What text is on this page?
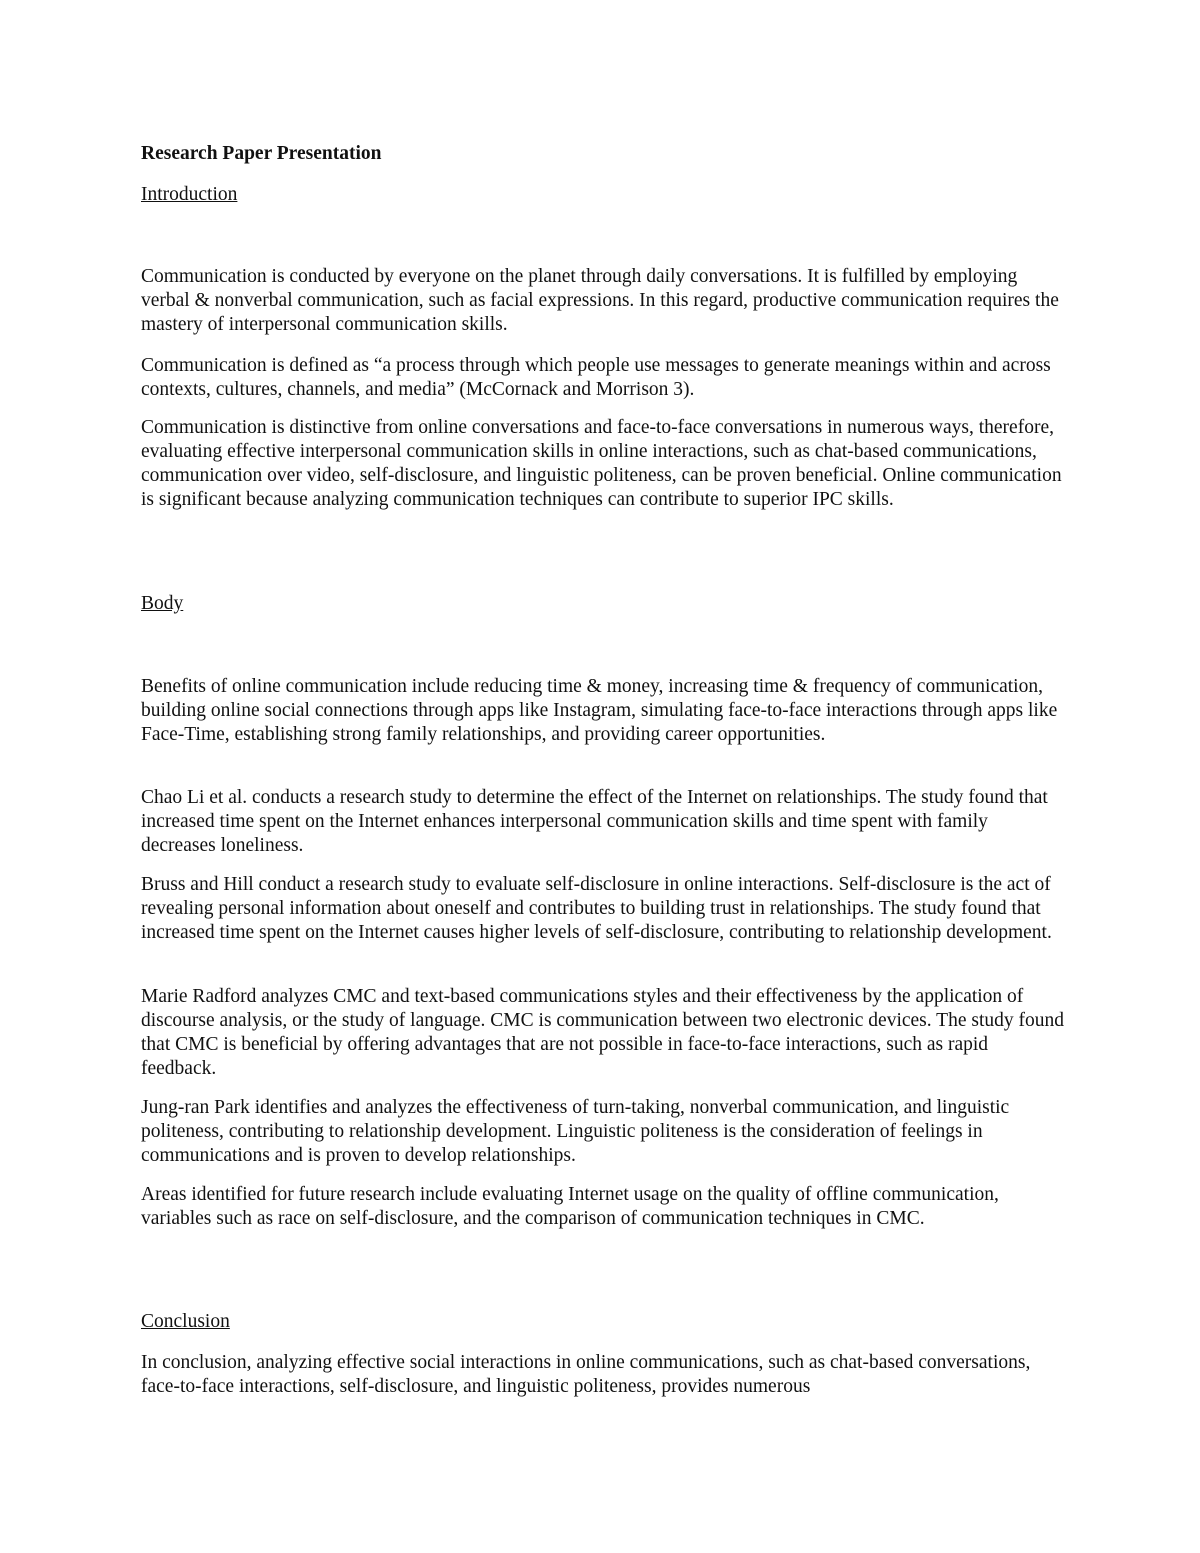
Research Paper Presentation

Introduction

Communication is conducted by everyone on the planet through daily conversations. It is fulfilled by employing verbal & nonverbal communication, such as facial expressions. In this regard, productive communication requires the mastery of interpersonal communication skills.

Communication is defined as “a process through which people use messages to generate meanings within and across contexts, cultures, channels, and media” (McCornack and Morrison 3).

Communication is distinctive from online conversations and face-to-face conversations in numerous ways, therefore, evaluating effective interpersonal communication skills in online interactions, such as chat-based communications, communication over video, self-disclosure, and linguistic politeness, can be proven beneficial. Online communication is significant because analyzing communication techniques can contribute to superior IPC skills.

Body

Benefits of online communication include reducing time & money, increasing time & frequency of communication, building online social connections through apps like Instagram, simulating face-to-face interactions through apps like Face-Time, establishing strong family relationships, and providing career opportunities.

Chao Li et al. conducts a research study to determine the effect of the Internet on relationships. The study found that increased time spent on the Internet enhances interpersonal communication skills and time spent with family decreases loneliness.

Bruss and Hill conduct a research study to evaluate self-disclosure in online interactions. Self-disclosure is the act of revealing personal information about oneself and contributes to building trust in relationships. The study found that increased time spent on the Internet causes higher levels of self-disclosure, contributing to relationship development.

Marie Radford analyzes CMC and text-based communications styles and their effectiveness by the application of discourse analysis, or the study of language. CMC is communication between two electronic devices. The study found that CMC is beneficial by offering advantages that are not possible in face-to-face interactions, such as rapid feedback.

Jung-ran Park identifies and analyzes the effectiveness of turn-taking, nonverbal communication, and linguistic politeness, contributing to relationship development. Linguistic politeness is the consideration of feelings in communications and is proven to develop relationships.

Areas identified for future research include evaluating Internet usage on the quality of offline communication, variables such as race on self-disclosure, and the comparison of communication techniques in CMC.

Conclusion

In conclusion, analyzing effective social interactions in online communications, such as chat-based conversations, face-to-face interactions, self-disclosure, and linguistic politeness, provides numerous
